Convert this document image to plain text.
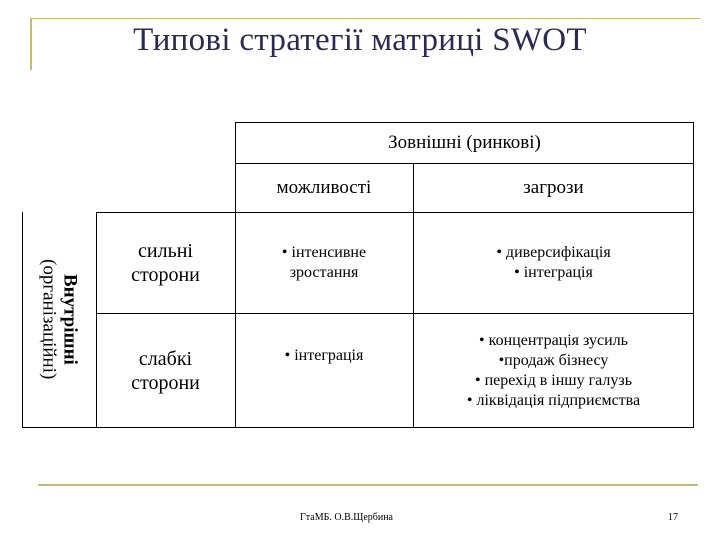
Типові стратегії матриці SWOT
Зовнішні (ринкові)
можливості	загрози
Внутрішні
(організаційні)
сильні
сторони
слабкі
сторони
• інтенсивне
зростання
• диверсифікація
• інтеграція
• інтеграція
• концентрація зусиль
•продаж бізнесу
• перехід в іншу галузь
• ліквідація підприємства
ГтаМБ. О.В.Щербина	17
